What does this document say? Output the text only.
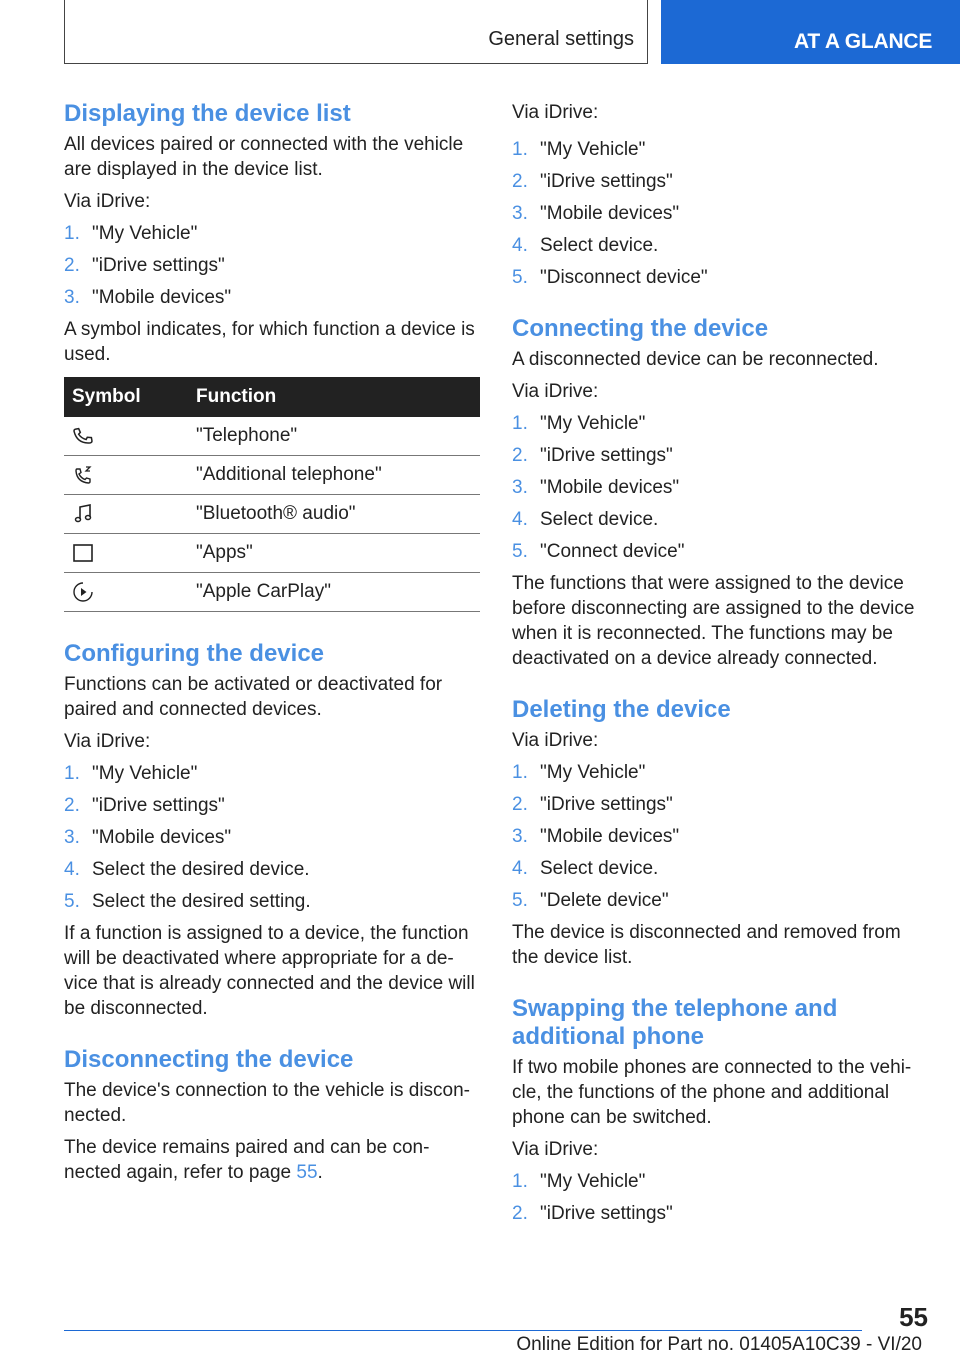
General settings	AT A GLANCE
Displaying the device list

All devices paired or connected with the vehicle are displayed in the device list.

Via iDrive:

1. "My Vehicle"
2. "iDrive settings"
3. "Mobile devices"

A symbol indicates, for which function a device is used.

Symbol	Function
	"Telephone"
	"Additional telephone"
	"Bluetooth® audio"
	"Apps"
	"Apple CarPlay"
Configuring the device

Functions can be activated or deactivated for paired and connected devices.

Via iDrive:

1. "My Vehicle"
2. "iDrive settings"
3. "Mobile devices"
4. Select the desired device.
5. Select the desired setting.

If a function is assigned to a device, the function will be deactivated where appropriate for a de‐vice that is already connected and the device will be disconnected.

Disconnecting the device

The device's connection to the vehicle is discon‐nected.

The device remains paired and can be con‐nected again, refer to page 55.

Via iDrive:

1. "My Vehicle"
2. "iDrive settings"
3. "Mobile devices"
4. Select device.
5. "Disconnect device"
Connecting the device

A disconnected device can be reconnected.

Via iDrive:

1. "My Vehicle"
2. "iDrive settings"
3. "Mobile devices"
4. Select device.
5. "Connect device"

The functions that were assigned to the device before disconnecting are assigned to the device when it is reconnected. The functions may be deactivated on a device already connected.

Deleting the device

Via iDrive:

1. "My Vehicle"
2. "iDrive settings"
3. "Mobile devices"
4. Select device.
5. "Delete device"

The device is disconnected and removed from the device list.

Swapping the telephone and additional phone

If two mobile phones are connected to the vehi‐cle, the functions of the phone and additional phone can be switched.

Via iDrive:

1. "My Vehicle"
2. "iDrive settings"
55
Online Edition for Part no. 01405A10C39 - VI/20
